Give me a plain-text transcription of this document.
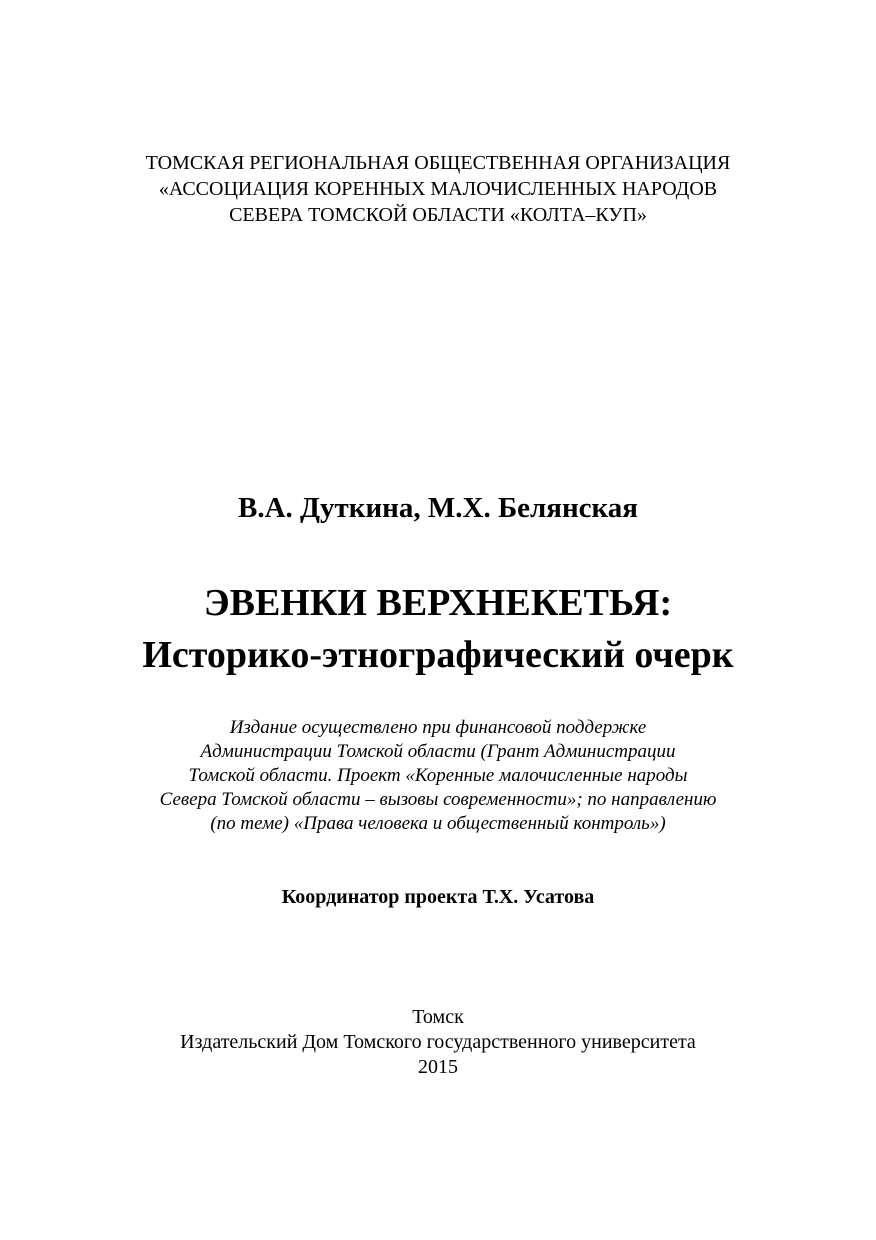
ТОМСКАЯ РЕГИОНАЛЬНАЯ ОБЩЕСТВЕННАЯ ОРГАНИЗАЦИЯ
«АССОЦИАЦИЯ КОРЕННЫХ МАЛОЧИСЛЕННЫХ НАРОДОВ
СЕВЕРА ТОМСКОЙ ОБЛАСТИ «КОЛТА–КУП»
В.А. Дуткина, М.Х. Белянская
ЭВЕНКИ ВЕРХНЕКЕТЬЯ:
Историко-этнографический очерк
Издание осуществлено при финансовой поддержке
Администрации Томской области (Грант Администрации
Томской области. Проект «Коренные малочисленные народы
Севера Томской области – вызовы современности»; по направлению
(по теме) «Права человека и общественный контроль»)
Координатор проекта Т.Х. Усатова
Томск
Издательский Дом Томского государственного университета
2015
